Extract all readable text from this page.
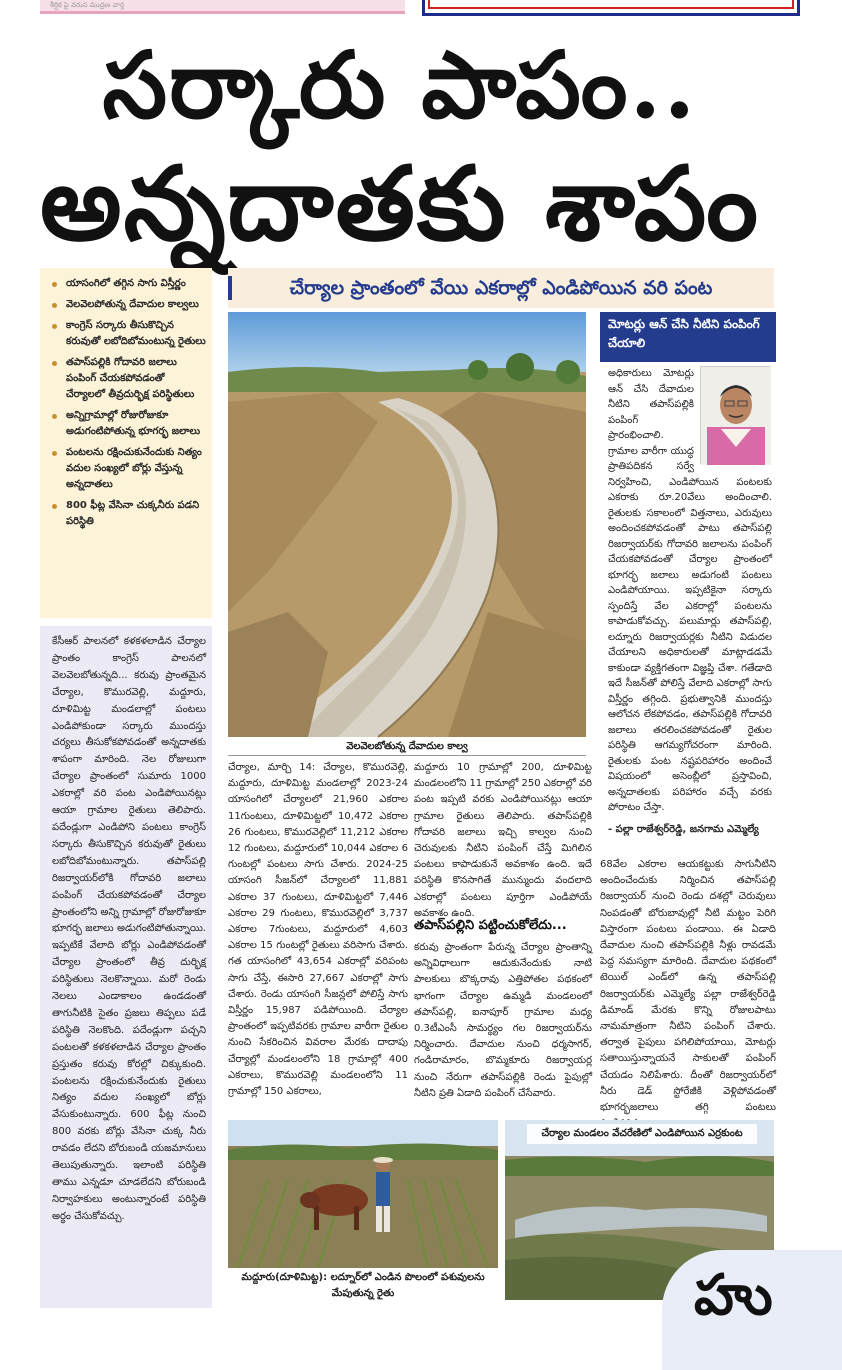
శీర్షిక పై వరుస ముద్రణ వార్త
సర్కారు పాపం..
అన్నదాతకు శాపం
యాసంగిలో తగ్గిన సాగు విస్తీర్ణం
వెలవెలపోతున్న దేవాదుల కాల్వలు
కాంగ్రెస్‌ సర్కారు తీసుకొచ్చిన కరువుతో లబోదిబోమంటున్న రైతులు
తపాస్‌పల్లికి గోదావరి జలాలు పంపింగ్‌ చేయకపోవడంతో చేర్యాలలో తీవ్రదుర్భిక్ష పరిస్థితులు
అన్నిగ్రామాల్లో రోజురోజుకూ అడుగంటిపోతున్న భూగర్భ జలాలు
పంటలను రక్షించుకునేందుకు నిత్యం వదుల సంఖ్యలో బోర్లు వేస్తున్న అన్నదాతలు
800 ఫీట్ల వేసినా చుక్కనీరు పడని పరిస్థితి
కేసీఆర్‌ పాలనలో కళకళలాడిన చేర్యాల ప్రాంతం కాంగ్రెస్‌ పాలనలో వెలవెలబోతున్నది... కరువు ప్రాంతమైన చేర్యాల, కొమురవెల్లి, మద్దూరు, దూళిమిట్ట మండలాల్లో పంటలు ఎండిపోకుండా సర్కారు ముందస్తు చర్యలు తీసుకోకపోవడంతో అన్నదాతకు శాపంగా మారింది. నెల రోజులుగా చేర్యాల ప్రాంతంలో సుమారు 1000 ఎకరాల్లో వరి పంట ఎండిపోయినట్లు ఆయా గ్రామాల రైతులు తెలిపారు. పదేండ్లుగా ఎండిపోని పంటలు కాంగ్రెస్‌ సర్కారు తీసుకొచ్చిన కరువుతో రైతులు లబోదిబోమంటున్నారు. తపాస్‌పల్లి రిజర్వాయర్‌లోకి గోదావరి జలాలు పంపింగ్‌ చేయకపోవడంతో చేర్యాల ప్రాంతంలోని అన్ని గ్రామాల్లో రోజురోజుకూ భూగర్భ జలాలు అడుగంటిపోతున్నాయి. ఇప్పటికే వేలాది బోర్లు ఎండిపోవడంతో చేర్యాల ప్రాంతంలో తీవ్ర దుర్భిక్ష పరిస్థితులు నెలకొన్నాయి. మరో రెండు నెలలు ఎండాకాలం ఉండడంతో తాగునీటికి సైతం ప్రజలు తిప్పలు పడే పరిస్థితి నెలకొంది. పదేండ్లుగా పచ్చని పంటలతో కళకళలాడిన చేర్యాల ప్రాంతం ప్రస్తుతం కరువు కోరల్లో చిక్కుకుంది. పంటలను రక్షించుకునేందుకు రైతులు నిత్యం వదుల సంఖ్యలో బోర్లు వేసుకుంటున్నారు. 600 ఫీట్ల నుంచి 800 వరకు బోర్లు వేసినా చుక్క నీరు రావడం లేదని బోరుబండి యజమానులు తెలుపుతున్నారు. ఇలాంటి పరిస్థితి తాము ఎన్నడూ చూడలేదని బోరుబండి నిర్వాహకులు అంటున్నారంటే పరిస్థితి అర్థం చేసుకోవచ్చు.
చేర్యాల ప్రాంతంలో వేయి ఎకరాల్లో ఎండిపోయిన వరి పంట
వెలవెలబోతున్న దేవాదుల కాల్వ
మోటర్లు ఆన్‌ చేసి నీటిని పంపింగ్‌ చేయాలి
అధికారులు మోటర్లు ఆన్‌ చేసి దేవాదుల నీటిని తపాస్‌పల్లికి పంపింగ్‌ ప్రారంభించాలి. గ్రామాల వారీగా యుద్ధ ప్రాతిపదికన సర్వే నిర్వహించి, ఎండిపోయిన పంటలకు ఎకరాకు రూ.20వేలు అందించాలి. రైతులకు సకాలంలో విత్తనాలు, ఎరువులు అందించకపోవడంతో పాటు తపాస్‌పల్లి రిజర్వాయర్‌కు గోదావరి జలాలను పంపింగ్‌ చేయకపోవడంతో చేర్యాల ప్రాంతంలో భూగర్భ జలాలు అడుగంటి పంటలు ఎండిపోయాయి. ఇప్పటికైనా సర్కారు స్పందిస్తే వేల ఎకరాల్లో పంటలను కాపాడుకోవచ్చు. పలుమార్లు తపాస్‌పల్లి, లద్నూరు రిజర్వాయర్లకు నీటిని విడుదల చేయాలని అధికారులతో మాట్లాడడమే కాకుండా వ్యక్తిగతంగా విజ్ఞప్తి చేశా. గతేడాది ఇదే సీజన్‌తో పోలిస్తే వేలాది ఎకరాల్లో సాగు విస్తీర్ణం తగ్గింది. ప్రభుత్వానికి ముందస్తు ఆలోచన లేకపోవడం, తపాస్‌పల్లికి గోదావరి జలాలు తరలించకపోవడంతో రైతుల పరిస్థితి ఆగమ్యగోచరంగా మారింది. రైతులకు పంట నష్టపరిహారం అందించే విషయంలో అసెంబ్లీలో ప్రస్తావించి, అన్నదాతలకు పరిహారం వచ్చే వరకు పోరాటం చేస్తా.
- పల్లా రాజేశ్వర్‌రెడ్డి, జనగామ ఎమ్మెల్యే
చేర్యాల, మార్చి 14: చేర్యాల, కొమురవెల్లి, మద్దూరు, దూళిమిట్ట మండలాల్లో 2023-24 యాసంగిలో చేర్యాలలో 21,960 ఎకరాల 11గుంటలు, దూళిమిట్టలో 10,472 ఎకరాల 26 గుంటలు, కొమురవెల్లిలో 11,212 ఎకరాల 12 గుంటలు, మద్దూరులో 10,044 ఎకరాల 6 గుంటల్లో పంటలు సాగు చేశారు. 2024-25 యాసంగి సీజన్‌లో చేర్యాలలో 11,881 ఎకరాల 37 గుంటలు, దూళిమిట్టలో 7,446 ఎకరాల 29 గుంటలు, కొమురవెల్లిలో 3,737 ఎకరాల 7గుంటలు, మద్దూరులో 4,603 ఎకరాల 15 గుంటల్లో రైతులు వరిసాగు చేశారు. గత యాసంగిలో 43,654 ఎకరాల్లో వరిపంట సాగు చేస్తే, ఈసారి 27,667 ఎకరాల్లో సాగు చేశారు. రెండు యాసంగి సీజన్లలో పోలిస్తే సాగు విస్తీర్ణం 15,987 పడిపోయింది. చేర్యాల ప్రాంతంలో ఇప్పటివరకు గ్రామాల వారీగా రైతుల నుంచి సేకరించిన వివరాల మేరకు దాదాపు చేర్యాల్లో మండలంలోని 18 గ్రామాల్లో 400 ఎకరాలు, కొమురవెల్లి మండలంలోని 11 గ్రామాల్లో 150 ఎకరాలు,
మద్దూరు 10 గ్రామాల్లో 200, దూళిమిట్ట మండలంలోని 11 గ్రామాల్లో 250 ఎకరాల్లో వరి పంట ఇప్పటి వరకు ఎండిపోయినట్లు ఆయా గ్రామాల రైతులు తెలిపారు. తపాస్‌పల్లికి గోదావరి జలాలు ఇచ్చి కాల్వల నుంచి చెరువులకు నీటిని పంపింగ్‌ చేస్తే మిగిలిన పంటలు కాపాడుకునే అవకాశం ఉంది. ఇదే పరిస్థితి కొనసాగితే మున్ముందు వందలాది ఎకరాల్లో పంటలు పూర్తిగా ఎండిపోయే అవకాశం ఉంది.
తపాస్‌పల్లిని పట్టించుకోలేదు...
కరువు ప్రాంతంగా పేరున్న చేర్యాల ప్రాంతాన్ని అన్నివిధాలుగా ఆదుకునేందుకు నాటి పాలకులు బొక్కరావు ఎత్తిపోతల పథకంలో భాగంగా చేర్యాల ఉమ్మడి మండలంలో తపాస్‌పల్లి, ఐనాపూర్‌ గ్రామాల మధ్య 0.3టీఎంసీ సామర్థ్యం గల రిజర్వాయర్‌ను నిర్మించారు. దేవాదుల నుంచి ధర్మసాగర్‌, గండిరామారం, బొమ్మకూరు రిజర్వాయర్ల నుంచి నేరుగా తపాస్‌పల్లికి రెండు పైపుల్లో నీటిని ప్రతి ఏడాది పంపింగ్‌ చేసేవారు.
68వేల ఎకరాల ఆయకట్టుకు సాగునీటిని అందించేందుకు నిర్మించిన తపాస్‌పల్లి రిజర్వాయర్‌ నుంచి రెండు దశల్లో చెరువులు నింపడంతో బోరుబావుల్లో నీటి మట్టం పెరిగి విస్తారంగా పంటలు పండాయి. ఈ ఏడాది దేవాదుల నుంచి తపాస్‌పల్లికి నీళ్లు రావడమే పెద్ద సమస్యగా మారింది. దేవాదుల పథకంలో టెయిల్‌ ఎండ్‌లో ఉన్న తపాస్‌పల్లి రిజర్వాయర్‌కు ఎమ్మెల్యే పల్లా రాజేశ్వర్‌రెడ్డి డిమాండ్‌ మేరకు కొన్ని రోజులపాటు నామమాత్రంగా నీటిని పంపింగ్‌ చేశారు. తర్వాత పైపులు పగిలిపోయాయి, మోటర్లు సతాయిస్తున్నాయనే సాకులతో పంపింగ్‌ చేయడం నిలిపేశారు. దీంతో రిజర్వాయర్‌లో నీరు డెడ్‌ స్టోరేజీకి వెళ్లిపోవడంతో భూగర్భజలాలు తగ్గి పంటలు
మద్దూరు(దూళిమిట్ట): లద్నూర్‌లో ఎండిన పొలంలో పశువులను మేపుతున్న రైతు
చేర్యాల మండలం వేచరేణిలో ఎండిపోయిన ఎర్రకుంట
హు
